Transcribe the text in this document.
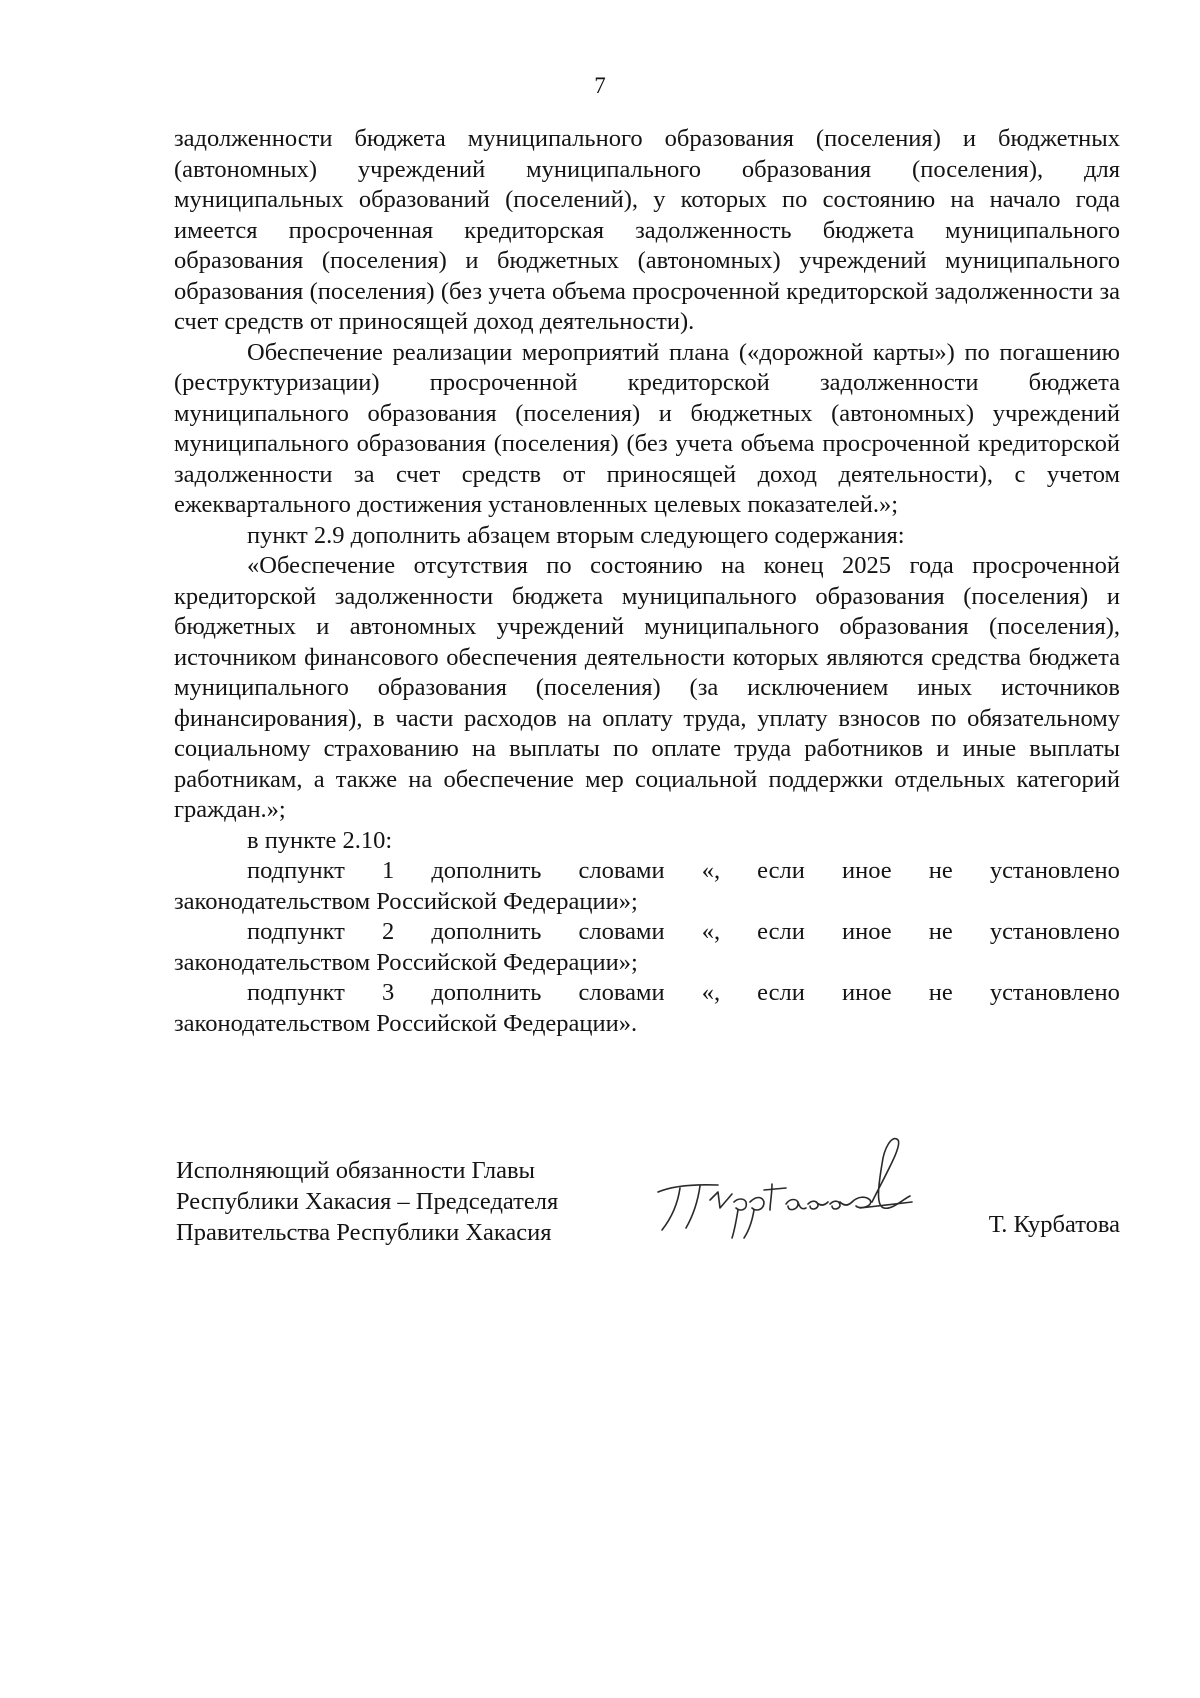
7

задолженности бюджета муниципального образования (поселения) и бюджетных (автономных) учреждений муниципального образования (поселения), для муниципальных образований (поселений), у которых по состоянию на начало года имеется просроченная кредиторская задолженность бюджета муниципального образования (поселения) и бюджетных (автономных) учреждений муниципального образования (поселения) (без учета объема просроченной кредиторской задолженности за счет средств от приносящей доход деятельности).

Обеспечение реализации мероприятий плана («дорожной карты») по погашению (реструктуризации) просроченной кредиторской задолженности бюджета муниципального образования (поселения) и бюджетных (автономных) учреждений муниципального образования (поселения) (без учета объема просроченной кредиторской задолженности за счет средств от приносящей доход деятельности), с учетом ежеквартального достижения установленных целевых показателей.»;

пункт 2.9 дополнить абзацем вторым следующего содержания:

«Обеспечение отсутствия по состоянию на конец 2025 года просроченной кредиторской задолженности бюджета муниципального образования (поселения) и бюджетных и автономных учреждений муниципального образования (поселения), источником финансового обеспечения деятельности которых являются средства бюджета муниципального образования (поселения) (за исключением иных источников финансирования), в части расходов на оплату труда, уплату взносов по обязательному социальному страхованию на выплаты по оплате труда работников и иные выплаты работникам, а также на обеспечение мер социальной поддержки отдельных категорий граждан.»;

в пункте 2.10:

подпункт 1 дополнить словами «, если иное не установлено

законодательством Российской Федерации»;

подпункт 2 дополнить словами «, если иное не установлено

законодательством Российской Федерации»;

подпункт 3 дополнить словами «, если иное не установлено

законодательством Российской Федерации».

Исполняющий обязанности Главы
Республики Хакасия – Председателя
Правительства Республики Хакасия	Т. Курбатова
